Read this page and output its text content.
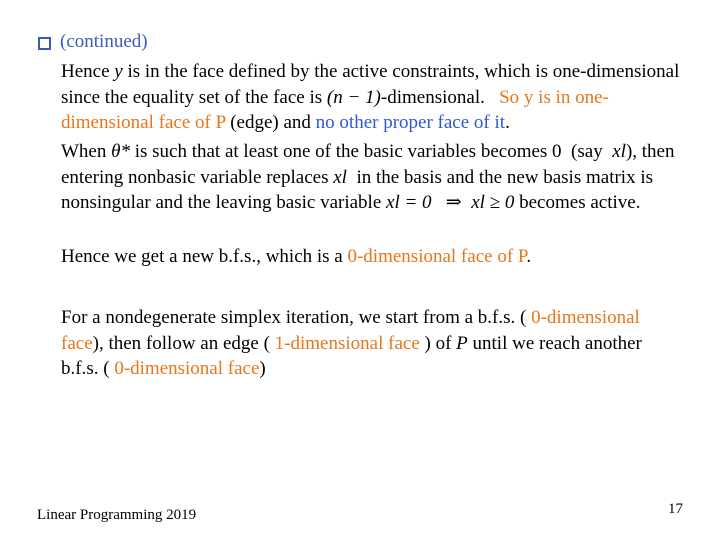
(continued)
Hence y is in the face defined by the active constraints, which is one-dimensional since the equality set of the face is (n − 1)-dimensional.   So y is in one-dimensional face of P (edge) and no other proper face of it.
When θ* is such that at least one of the basic variables becomes 0  (say  xl), then entering nonbasic variable replaces xl  in the basis and the new basis matrix is nonsingular and the leaving basic variable xl = 0   ⇒  xl ≥ 0 becomes active.
Hence we get a new b.f.s., which is a 0-dimensional face of P.
For a nondegenerate simplex iteration, we start from a b.f.s. ( 0-dimensional face), then follow an edge ( 1-dimensional face ) of P until we reach another b.f.s. ( 0-dimensional face)
Linear Programming 2019	17
